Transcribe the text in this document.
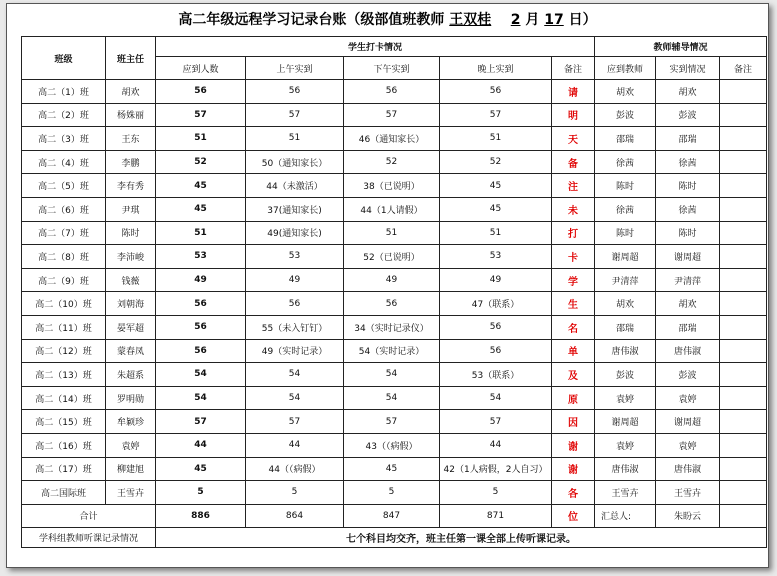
高二年级远程学习记录台账（级部值班教师 王双桂 2 月 17 日）
班级	班主任	学生打卡情况					教师辅导情况		
		应到人数	上午实到	下午实到	晚上实到	备注	应到教师	实到情况	备注
高二（1）班	胡欢	56	56	56	56	请	胡欢	胡欢	
高二（2）班	杨姝丽	57	57	57	57	明	彭波	彭波	
高二（3）班	王东	51	51	46（通知家长）	51	天	邵瑞	邵瑞	
高二（4）班	李鹏	52	50（通知家长）	52	52	备	徐茜	徐茜	
高二（5）班	李有秀	45	44（未激活）	38（已说明）	45	注	陈时	陈时	
高二（6）班	尹琪	45	37(通知家长)	44（1人请假）	45	未	徐茜	徐茜	
高二（7）班	陈时	51	49(通知家长)	51	51	打	陈时	陈时	
高二（8）班	李沛峻	53	53	52（已说明）	53	卡	谢周超	谢周超	
高二（9）班	钱薇	49	49	49	49	学	尹清萍	尹清萍	
高二（10）班	刘朝海	56	56	56	47（联系）	生	胡欢	胡欢	
高二（11）班	晏军超	56	55（未入钉钉）	34（实时记录仪）	56	名	邵瑞	邵瑞	
高二（12）班	蒙春凤	56	49（实时记录）	54（实时记录）	56	单	唐伟淑	唐伟淑	
高二（13）班	朱超系	54	54	54	53（联系）	及	彭波	彭波	
高二（14）班	罗明勋	54	54	54	54	原	袁婷	袁婷	
高二（15）班	牟颖珍	57	57	57	57	因	谢周超	谢周超	
高二（16）班	袁婷	44	44	43（（病假）	44	谢	袁婷	袁婷	
高二（17）班	柳建旭	45	44（（病假）	45	42（1人病假，2人自习）	谢	唐伟淑	唐伟淑	
高二国际班	王雪卉	5	5	5	5	各	王雪卉	王雪卉	
合计		886	864	847	871	位	汇总人:	朱盼云	
学科组教师听课记录情况		七个科目均交齐，班主任第一课全部上传听课记录。							
